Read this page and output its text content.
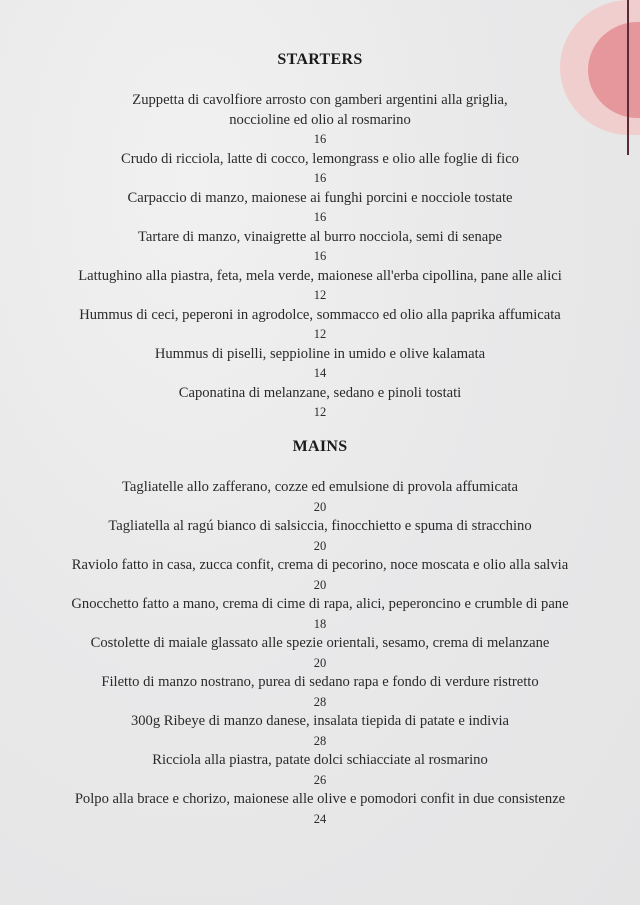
STARTERS
Zuppetta di cavolfiore arrosto con gamberi argentini alla griglia,
noccioline ed olio al rosmarino
16
Crudo di ricciola, latte di cocco, lemongrass e olio alle foglie di fico
16
Carpaccio di manzo, maionese ai funghi porcini e nocciole tostate
16
Tartare di manzo, vinaigrette al burro nocciola, semi di senape
16
Lattughino alla piastra, feta, mela verde, maionese all'erba cipollina, pane alle alici
12
Hummus di ceci, peperoni in agrodolce, sommacco ed olio alla paprika affumicata
12
Hummus di piselli, seppioline in umido e olive kalamata
14
Caponatina di melanzane, sedano e pinoli tostati
12
MAINS
Tagliatelle allo zafferano, cozze ed emulsione di provola affumicata
20
Tagliatella al ragú bianco di salsiccia, finocchietto e spuma di stracchino
20
Raviolo fatto in casa, zucca confit, crema di pecorino, noce moscata e olio alla salvia
20
Gnocchetto fatto a mano, crema di cime di rapa, alici, peperoncino e crumble di pane
18
Costolette di maiale glassato alle spezie orientali, sesamo, crema di melanzane
20
Filetto di manzo nostrano, purea di sedano rapa e fondo di verdure ristretto
28
300g Ribeye di manzo danese, insalata tiepida di patate e indivia
28
Ricciola alla piastra, patate dolci schiacciate al rosmarino
26
Polpo alla brace e chorizo, maionese alle olive e pomodori confit in due consistenze
24
